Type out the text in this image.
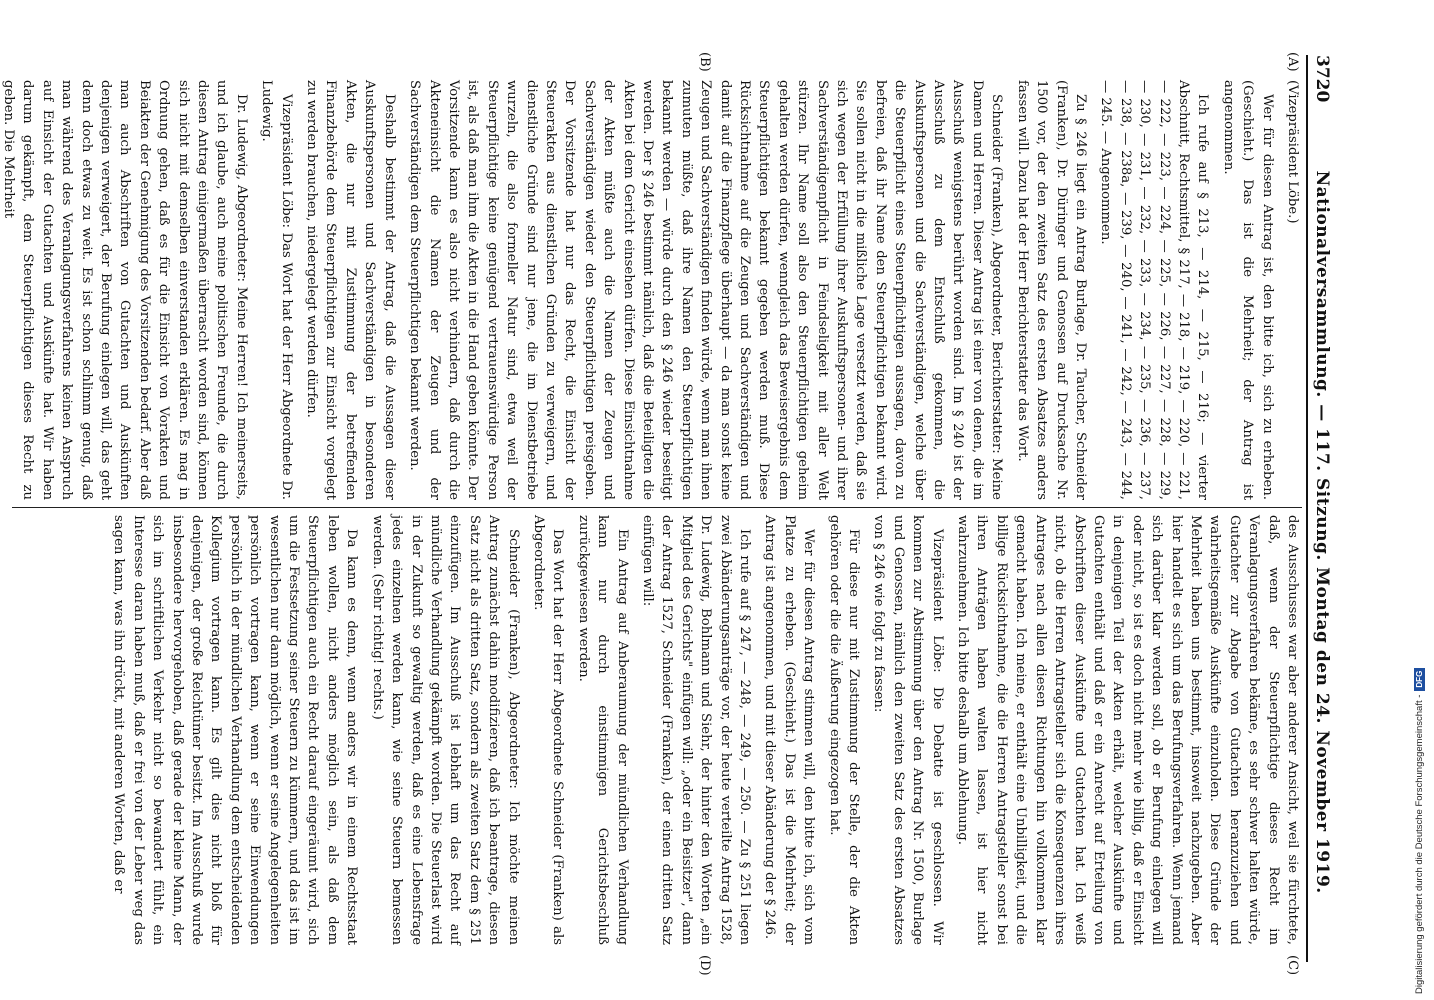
3720
Nationalversammlung. — 117. Sitzung. Montag den 24. November 1919.
(A)
(B)
(C)
(D)

(Vizepräsident Löbe.)

Wer für diesen Antrag ist, den bitte ich, sich zu erheben. (Geschieht.) Das ist die Mehrheit; der Antrag ist angenommen.

Ich rufe auf § 213, — 214, — 215, — 216; — vierter Abschnitt, Rechtsmittel, § 217, — 218, — 219, — 220, — 221, — 222, — 223, — 224, — 225, — 226, — 227, — 228, — 229, — 230, — 231, — 232, — 233, — 234, — 235, — 236, — 237, — 238, — 238a, — 239, — 240, — 241, — 242, — 243, — 244, — 245. — Angenommen.

Zu § 246 liegt ein Antrag Burlage, Dr. Taucher, Schneider (Franken), Dr. Düringer und Genossen auf Drucksache Nr. 1500 vor, der den zweiten Satz des ersten Absatzes anders fassen will. Dazu hat der Herr Berichterstatter das Wort.

Schneider (Franken), Abgeordneter, Berichterstatter: Meine Damen und Herren. Dieser Antrag ist einer von denen, die im Ausschuß wenigstens berührt worden sind. Im § 240 ist der Ausschuß zu dem Entschluß gekommen, die Auskunftspersonen und die Sachverständigen, welche über die Steuerpflicht eines Steuerpflichtigen aussagen, davon zu befreien, daß ihr Name den Steuerpflichtigen bekannt wird. Sie sollen nicht in die mißliche Lage versetzt werden, daß sie sich wegen der Erfüllung ihrer Auskunftspersonen- und ihrer Sachverständigenpflicht in Feindseligkeit mit aller Welt stürzen. Ihr Name soll also den Steuerpflichtigen geheim gehalten werden dürfen, wenngleich das Beweisergebnis dem Steuerpflichtigen bekannt gegeben werden muß. Diese Rücksichtnahme auf die Zeugen und Sachverständigen und damit auf die Finanzpflege überhaupt — da man sonst keine Zeugen und Sachverständigen finden würde, wenn man ihnen zumuten müßte, daß ihre Namen den Steuerpflichtigen bekannt werden — würde durch den § 246 wieder beseitigt werden. Der § 246 bestimmt nämlich, daß die Beteiligten die Akten bei dem Gericht einsehen dürfen. Diese Einsichtnahme der Akten müßte auch die Namen der Zeugen und Sachverständigen wieder den Steuerpflichtigen preisgeben. Der Vorsitzende hat nur das Recht, die Einsicht der Steuerakten aus dienstlichen Gründen zu verweigern, und dienstliche Gründe sind nur jene, die im Dienstbetriebe wurzeln, die also formeller Natur sind, etwa weil der Steuerpflichtige keine genügend vertrauenswürdige Person ist, als daß man ihm die Akten in die Hand geben könnte. Der Vorsitzende kann es also nicht verhindern, daß durch die Akteneinsicht die Namen der Zeugen und der Sachverständigen dem Steuerpflichtigen bekannt werden.

Deshalb bestimmt der Antrag, daß die Aussagen dieser Auskunftspersonen und Sachverständigen in besonderen Akten, die nur mit Zustimmung der betreffenden Finanzbehörde dem Steuerpflichtigen zur Einsicht vorgelegt zu werden brauchen, niedergelegt werden dürfen.

Vizepräsident Löbe: Das Wort hat der Herr Abgeordnete Dr. Ludewig.

Dr. Ludewig, Abgeordneter: Meine Herren! Ich meinerseits, und ich glaube, auch meine politischen Freunde, die durch diesen Antrag einigermaßen überrascht worden sind, können sich nicht mit demselben einverstanden erklären. Es mag in Ordnung gehen, daß es für die Einsicht von Vorakten und Beiakten der Genehmigung des Vorsitzenden bedarf. Aber daß man auch Abschriften von Gutachten und Auskünften denjenigen verweigert, der Berufung einlegen will, das geht denn doch etwas zu weit. Es ist schon schlimm genug, daß man während des Veranlagungsverfahrens keinen Anspruch auf Einsicht der Gutachten und Auskünfte hat. Wir haben darum gekämpft, dem Steuerpflichtigen dieses Recht zu geben. Die Mehrheit

des Ausschusses war aber anderer Ansicht, weil sie fürchtete, daß, wenn der Steuerpflichtige dieses Recht im Veranlagungsverfahren bekäme, es sehr schwer halten würde, Gutachter zur Abgabe von Gutachten heranzuziehen und wahrheitsgemäße Auskünfte einzuholen. Diese Gründe der Mehrheit haben uns bestimmt, insoweit nachzugeben. Aber hier handelt es sich um das Berufungsverfahren. Wenn jemand sich darüber klar werden soll, ob er Berufung einlegen will oder nicht, so ist es doch nicht mehr wie billig, daß er Einsicht in denjenigen Teil der Akten erhält, welcher Auskünfte und Gutachten enthält und daß er ein Anrecht auf Erteilung von Abschriften dieser Auskünfte und Gutachten hat. Ich weiß nicht, ob die Herren Antragsteller sich die Konsequenzen ihres Antrages nach allen diesen Richtungen hin vollkommen klar gemacht haben. Ich meine, er enthält eine Unbilligkeit, und die billige Rücksichtnahme, die die Herren Antragsteller sonst bei ihren Anträgen haben walten lassen, ist hier nicht wahrzunehmen. Ich bitte deshalb um Ablehnung.

Vizepräsident Löbe: Die Debatte ist geschlossen. Wir kommen zur Abstimmung über den Antrag Nr. 1500, Burlage und Genossen, nämlich den zweiten Satz des ersten Absatzes von § 246 wie folgt zu fassen:

Für diese nur mit Zustimmung der Stelle, der die Akten gehören oder die die Äußerung eingezogen hat.

Wer für diesen Antrag stimmen will, den bitte ich, sich vom Platze zu erheben. (Geschieht.) Das ist die Mehrheit; der Antrag ist angenommen, und mit dieser Abänderung der § 246.

Ich rufe auf § 247, — 248, — 249, — 250. — Zu § 251 liegen zwei Abänderungsanträge vor, der heute verteilte Antrag 1528, Dr. Ludewig, Bohlmann und Siehr, der hinter den Worten „ein Mitglied des Gerichts" einfügen will: „oder ein Beisitzer", dann der Antrag 1527, Schneider (Franken), der einen dritten Satz einfügen will:

Ein Antrag auf Anberaumung der mündlichen Verhandlung kann nur durch einstimmigen Gerichtsbeschluß zurückgewiesen werden.

Das Wort hat der Herr Abgeordnete Schneider (Franken) als Abgeordneter.

Schneider (Franken), Abgeordneter: Ich möchte meinen Antrag zunächst dahin modifizieren, daß ich beantrage, diesen Satz nicht als dritten Satz, sondern als zweiten Satz dem § 251 einzufügen. Im Ausschuß ist lebhaft um das Recht auf mündliche Verhandlung gekämpft worden. Die Steuerlast wird in der Zukunft so gewaltig werden, daß es eine Lebensfrage jedes einzelnen werden kann, wie seine Steuern bemessen werden. (Sehr richtig! rechts.)

Da kann es denn, wenn anders wir in einem Rechtsstaat leben wollen, nicht anders möglich sein, als daß dem Steuerpflichtigen auch ein Recht darauf eingeräumt wird, sich um die Festsetzung seiner Steuern zu kümmern, und das ist im wesentlichen nur dann möglich, wenn er seine Angelegenheiten persönlich vortragen kann, wenn er seine Einwendungen persönlich in der mündlichen Verhandlung dem entscheidenden Kollegium vortragen kann. Es gilt dies nicht bloß für denjenigen, der große Reichtümer besitzt. Im Ausschuß wurde insbesondere hervorgehoben, daß gerade der kleine Mann, der sich im schriftlichen Verkehr nicht so bewandert fühlt, ein Interesse daran haben muß, daß er frei von der Leber weg das sagen kann, was ihn drückt, mit anderen Worten, daß er	Digitalisierung gefördert durch die Deutsche Forschungsgemeinschaft -
DFG
